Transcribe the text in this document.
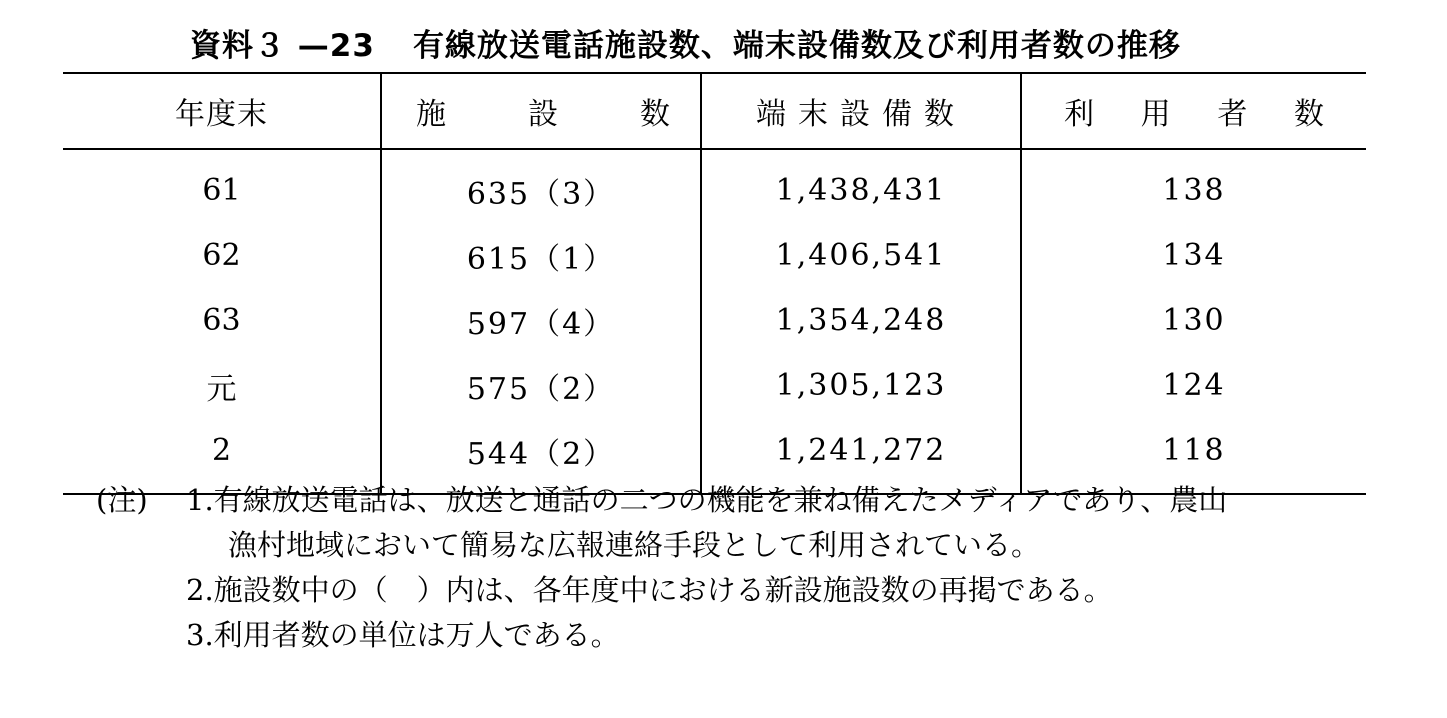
資料３ —23 有線放送電話施設数、端末設備数及び利用者数の推移
年度末	施 設 数	端末設備数	利 用 者 数

61	635（3）	1,438,431	138
62	615（1）	1,406,541	134
63	597（4）	1,354,248	130
元	575（2）	1,305,123	124
2	544（2）	1,241,272	118
(注)	1.有線放送電話は、放送と通話の二つの機能を兼ね備えたメディアであり、農山
漁村地域において簡易な広報連絡手段として利用されている。
2.施設数中の（　）内は、各年度中における新設施設数の再掲である。
3.利用者数の単位は万人である。
